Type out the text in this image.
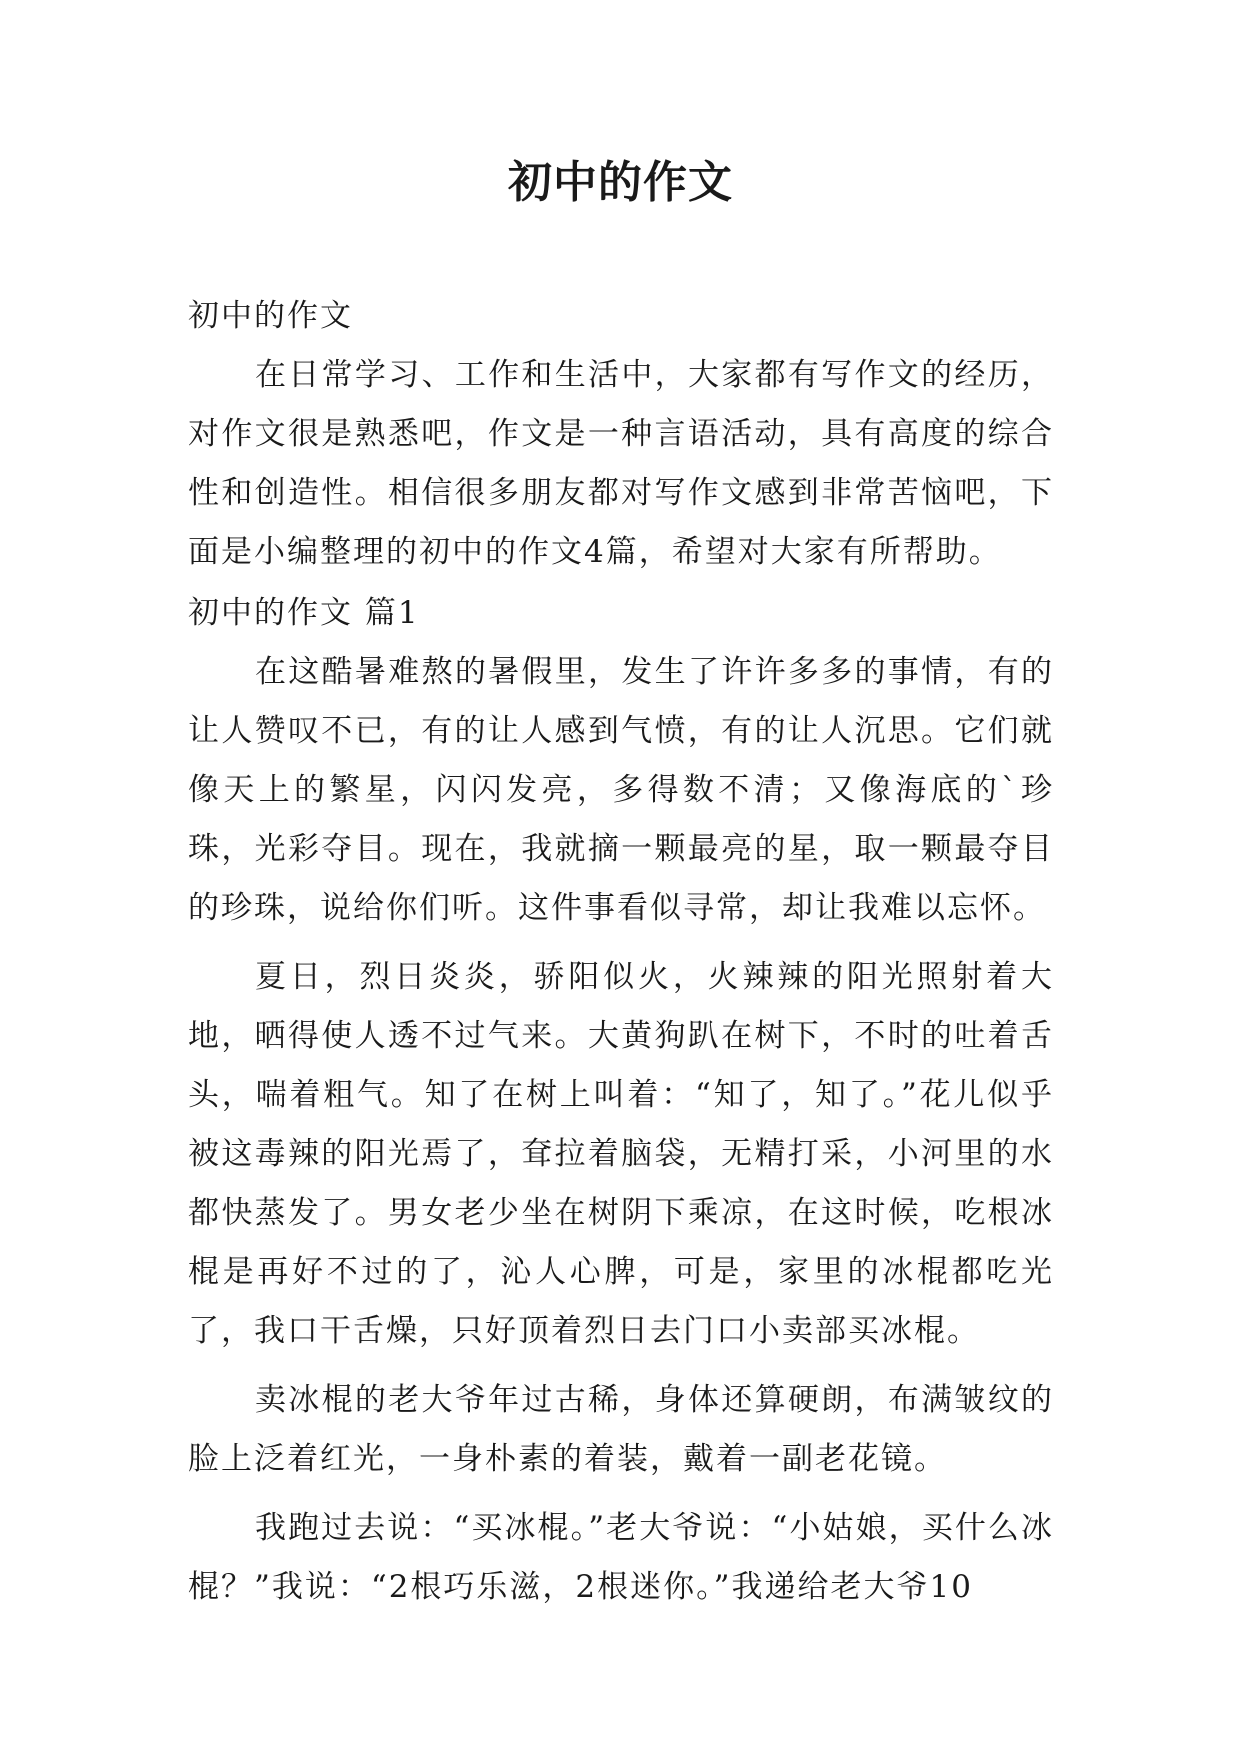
初中的作文

初中的作文

在日常学习、工作和生活中，大家都有写作文的经历，对作文很是熟悉吧，作文是一种言语活动，具有高度的综合性和创造性。相信很多朋友都对写作文感到非常苦恼吧，下面是小编整理的初中的作文4篇，希望对大家有所帮助。

初中的作文 篇1

在这酷暑难熬的暑假里，发生了许许多多的事情，有的让人赞叹不已，有的让人感到气愤，有的让人沉思。它们就像天上的繁星，闪闪发亮，多得数不清；又像海底的`珍珠，光彩夺目。现在，我就摘一颗最亮的星，取一颗最夺目的珍珠，说给你们听。这件事看似寻常，却让我难以忘怀。

夏日，烈日炎炎，骄阳似火，火辣辣的阳光照射着大地，晒得使人透不过气来。大黄狗趴在树下，不时的吐着舌头，喘着粗气。知了在树上叫着：“知了，知了。”花儿似乎被这毒辣的阳光焉了，耷拉着脑袋，无精打采，小河里的水都快蒸发了。男女老少坐在树阴下乘凉，在这时候，吃根冰棍是再好不过的了，沁人心脾，可是，家里的冰棍都吃光了，我口干舌燥，只好顶着烈日去门口小卖部买冰棍。

卖冰棍的老大爷年过古稀，身体还算硬朗，布满皱纹的脸上泛着红光，一身朴素的着装，戴着一副老花镜。

我跑过去说：“买冰棍。”老大爷说：“小姑娘，买什么冰棍？”我说：“2根巧乐滋，2根迷你。”我递给老大爷10
